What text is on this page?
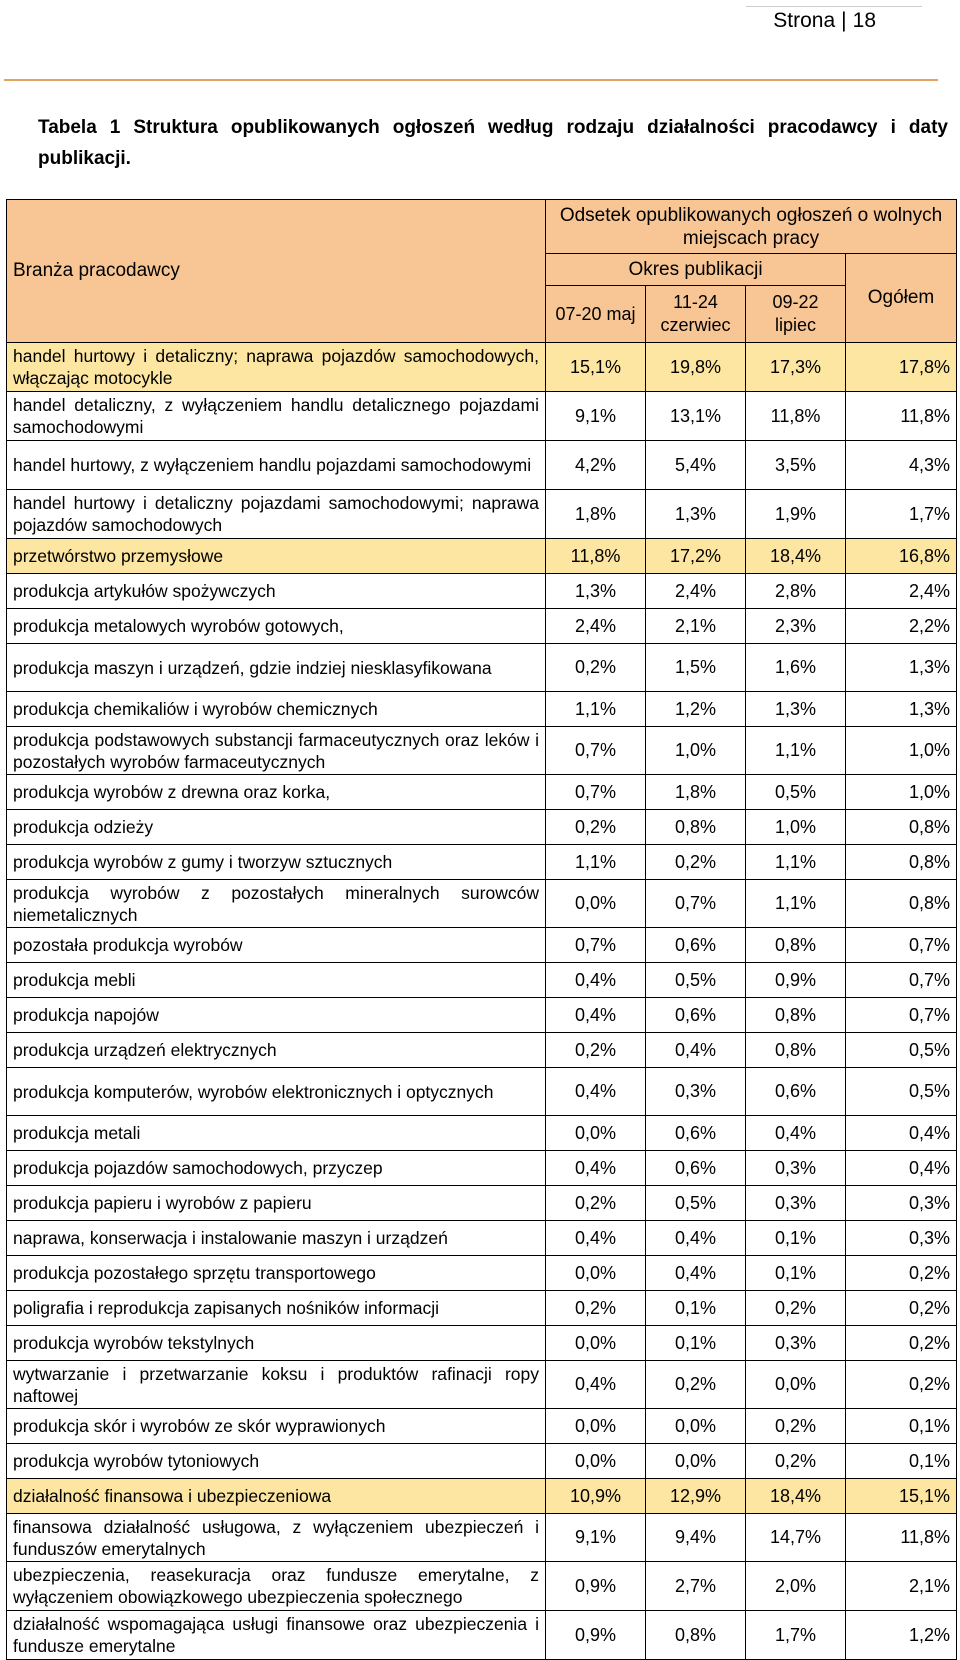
Strona | 18
Tabela 1 Struktura opublikowanych ogłoszeń według rodzaju działalności pracodawcy i daty publikacji.
Branża pracodawcy	Odsetek opublikowanych ogłoszeń o wolnych miejscach pracy			
	Okres publikacji			Ogółem
	07-20 maj	11-24 czerwiec	09-22 lipiec	
handel hurtowy i detaliczny; naprawa pojazdów samochodowych, włączając motocykle	15,1%	19,8%	17,3%	17,8%
handel detaliczny, z wyłączeniem handlu detalicznego pojazdami samochodowymi	9,1%	13,1%	11,8%	11,8%
handel hurtowy, z wyłączeniem handlu pojazdami samochodowymi	4,2%	5,4%	3,5%	4,3%
handel hurtowy i detaliczny pojazdami samochodowymi; naprawa pojazdów samochodowych	1,8%	1,3%	1,9%	1,7%
przetwórstwo przemysłowe	11,8%	17,2%	18,4%	16,8%
produkcja artykułów spożywczych	1,3%	2,4%	2,8%	2,4%
produkcja metalowych wyrobów gotowych,	2,4%	2,1%	2,3%	2,2%
produkcja maszyn i urządzeń, gdzie indziej niesklasyfikowana	0,2%	1,5%	1,6%	1,3%
produkcja chemikaliów i wyrobów chemicznych	1,1%	1,2%	1,3%	1,3%
produkcja podstawowych substancji farmaceutycznych oraz leków i pozostałych wyrobów farmaceutycznych	0,7%	1,0%	1,1%	1,0%
produkcja wyrobów z drewna oraz korka,	0,7%	1,8%	0,5%	1,0%
produkcja odzieży	0,2%	0,8%	1,0%	0,8%
produkcja wyrobów z gumy i tworzyw sztucznych	1,1%	0,2%	1,1%	0,8%
produkcja wyrobów z pozostałych mineralnych surowców niemetalicznych	0,0%	0,7%	1,1%	0,8%
pozostała produkcja wyrobów	0,7%	0,6%	0,8%	0,7%
produkcja mebli	0,4%	0,5%	0,9%	0,7%
produkcja napojów	0,4%	0,6%	0,8%	0,7%
produkcja urządzeń elektrycznych	0,2%	0,4%	0,8%	0,5%
produkcja komputerów, wyrobów elektronicznych i optycznych	0,4%	0,3%	0,6%	0,5%
produkcja metali	0,0%	0,6%	0,4%	0,4%
produkcja pojazdów samochodowych, przyczep	0,4%	0,6%	0,3%	0,4%
produkcja papieru i wyrobów z papieru	0,2%	0,5%	0,3%	0,3%
naprawa, konserwacja i instalowanie maszyn i urządzeń	0,4%	0,4%	0,1%	0,3%
produkcja pozostałego sprzętu transportowego	0,0%	0,4%	0,1%	0,2%
poligrafia i reprodukcja zapisanych nośników informacji	0,2%	0,1%	0,2%	0,2%
produkcja wyrobów tekstylnych	0,0%	0,1%	0,3%	0,2%
wytwarzanie i przetwarzanie koksu i produktów rafinacji ropy naftowej	0,4%	0,2%	0,0%	0,2%
produkcja skór i wyrobów ze skór wyprawionych	0,0%	0,0%	0,2%	0,1%
produkcja wyrobów tytoniowych	0,0%	0,0%	0,2%	0,1%
działalność finansowa i ubezpieczeniowa	10,9%	12,9%	18,4%	15,1%
finansowa działalność usługowa, z wyłączeniem ubezpieczeń i funduszów emerytalnych	9,1%	9,4%	14,7%	11,8%
ubezpieczenia, reasekuracja oraz fundusze emerytalne, z wyłączeniem obowiązkowego ubezpieczenia społecznego	0,9%	2,7%	2,0%	2,1%
działalność wspomagająca usługi finansowe oraz ubezpieczenia i fundusze emerytalne	0,9%	0,8%	1,7%	1,2%
